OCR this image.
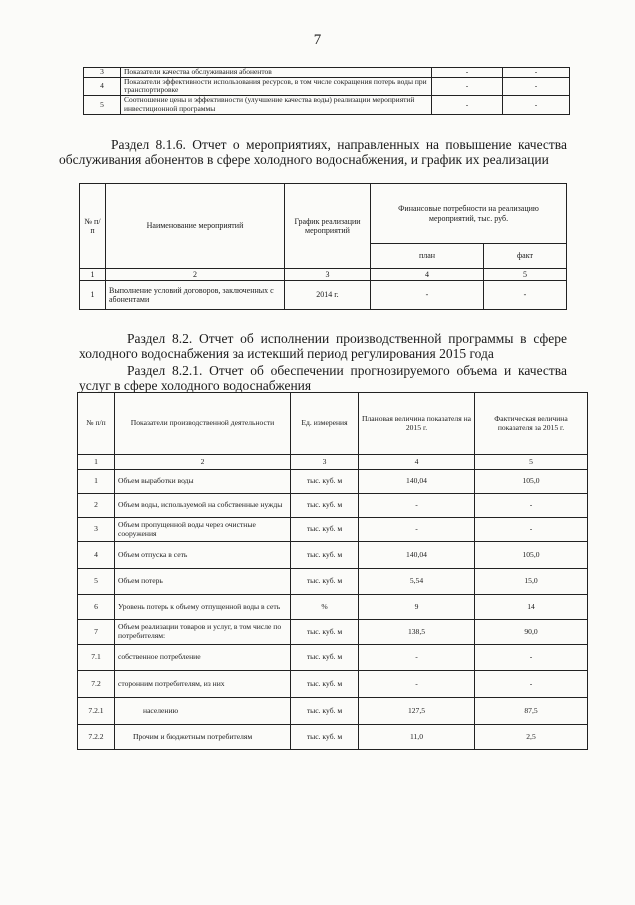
7
3	Показатели качества обслуживания абонентов	-	-
4	Показатели эффективности использования ресурсов, в том числе сокращения потерь воды при транспортировке	-	-
5	Соотношение цены и эффективности (улучшение качества воды) реализации мероприятий инвестиционной программы	-	-
Раздел 8.1.6. Отчет о мероприятиях, направленных на повышение качества обслуживания абонентов в сфере холодного водоснабжения, и график их реализации
№ п/п	Наименование мероприятий	График реализации мероприятий	Финансовые потребности на реализацию мероприятий, тыс. руб.	
			план	факт
1	2	3	4	5
1	Выполнение условий договоров, заключенных с абонентами	2014 г.	-	-
Раздел 8.2. Отчет об исполнении производственной программы в сфере холодного водоснабжения за истекший период регулирования 2015 года
Раздел 8.2.1. Отчет об обеспечении прогнозируемого объема и качества услуг в сфере холодного водоснабжения
№ п/п	Показатели производственной деятельности	Ед. измерения	Плановая величина показателя на 2015 г.	Фактическая величина показателя за 2015 г.
1	2	3	4	5
1	Объем выработки воды	тыс. куб. м	140,04	105,0
2	Объем воды, используемой на собственные нужды	тыс. куб. м	-	-
3	Объем пропущенной воды через очистные сооружения	тыс. куб. м	-	-
4	Объем отпуска в сеть	тыс. куб. м	140,04	105,0
5	Объем потерь	тыс. куб. м	5,54	15,0
6	Уровень потерь к объему отпущенной воды в сеть	%	9	14
7	Объем реализации товаров и услуг, в том числе по потребителям:	тыс. куб. м	138,5	90,0
7.1	собственное потребление	тыс. куб. м	-	-
7.2	сторонним потребителям, из них	тыс. куб. м	-	-
7.2.1	населению	тыс. куб. м	127,5	87,5
7.2.2	Прочим и бюджетным потребителям	тыс. куб. м	11,0	2,5
